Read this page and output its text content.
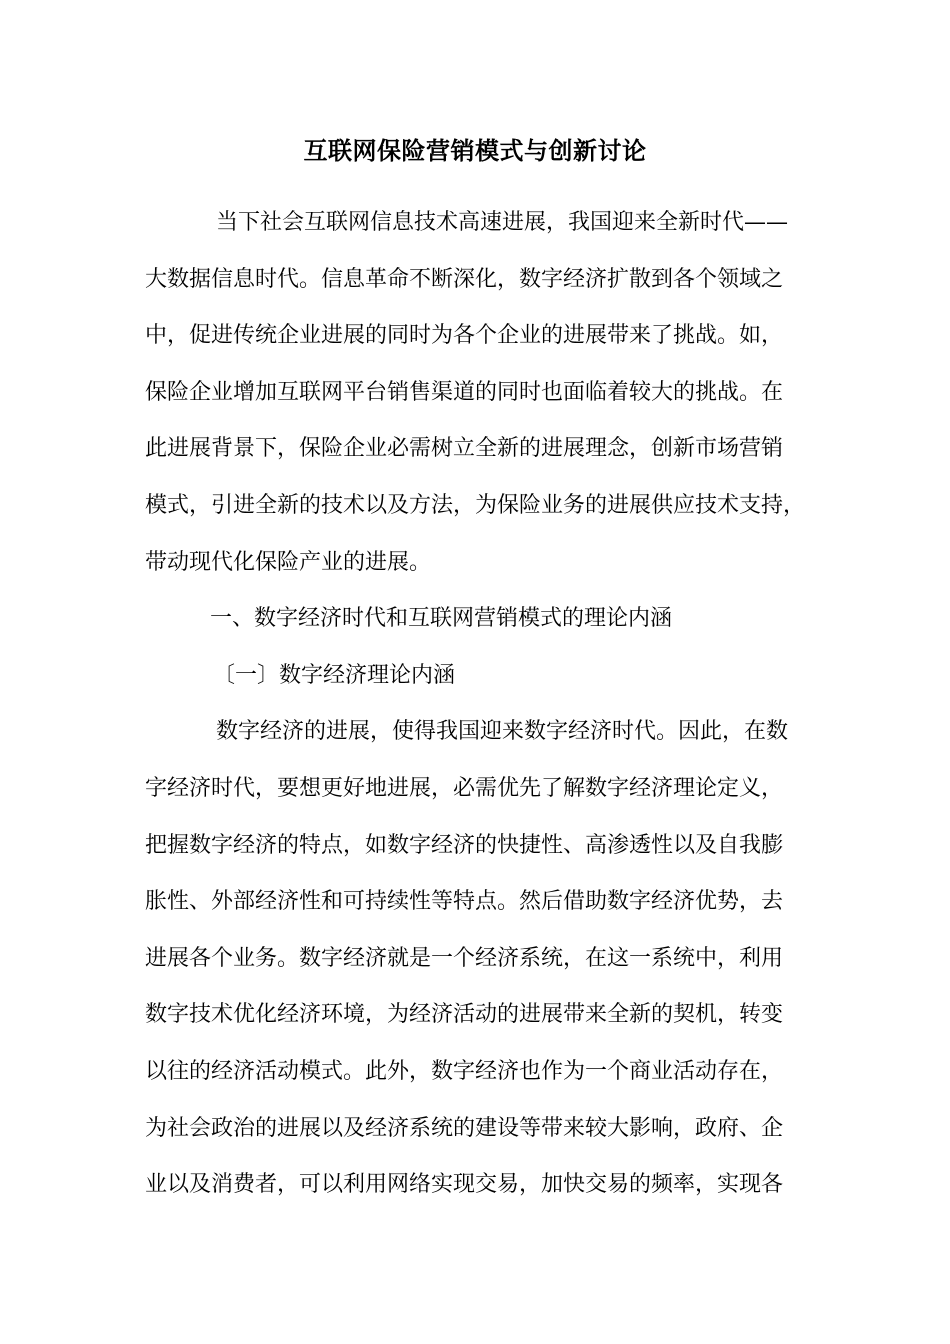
互联网保险营销模式与创新讨论
当下社会互联网信息技术高速进展，我国迎来全新时代——
大数据信息时代。信息革命不断深化，数字经济扩散到各个领域之
中，促进传统企业进展的同时为各个企业的进展带来了挑战。如，
保险企业增加互联网平台销售渠道的同时也面临着较大的挑战。在
此进展背景下，保险企业必需树立全新的进展理念，创新市场营销
模式，引进全新的技术以及方法，为保险业务的进展供应技术支持，
带动现代化保险产业的进展。
一、数字经济时代和互联网营销模式的理论内涵
〔一〕数字经济理论内涵
数字经济的进展，使得我国迎来数字经济时代。因此，在数
字经济时代，要想更好地进展，必需优先了解数字经济理论定义，
把握数字经济的特点，如数字经济的快捷性、高渗透性以及自我膨
胀性、外部经济性和可持续性等特点。然后借助数字经济优势，去
进展各个业务。数字经济就是一个经济系统，在这一系统中，利用
数字技术优化经济环境，为经济活动的进展带来全新的契机，转变
以往的经济活动模式。此外，数字经济也作为一个商业活动存在，
为社会政治的进展以及经济系统的建设等带来较大影响，政府、企
业以及消费者，可以利用网络实现交易，加快交易的频率，实现各
